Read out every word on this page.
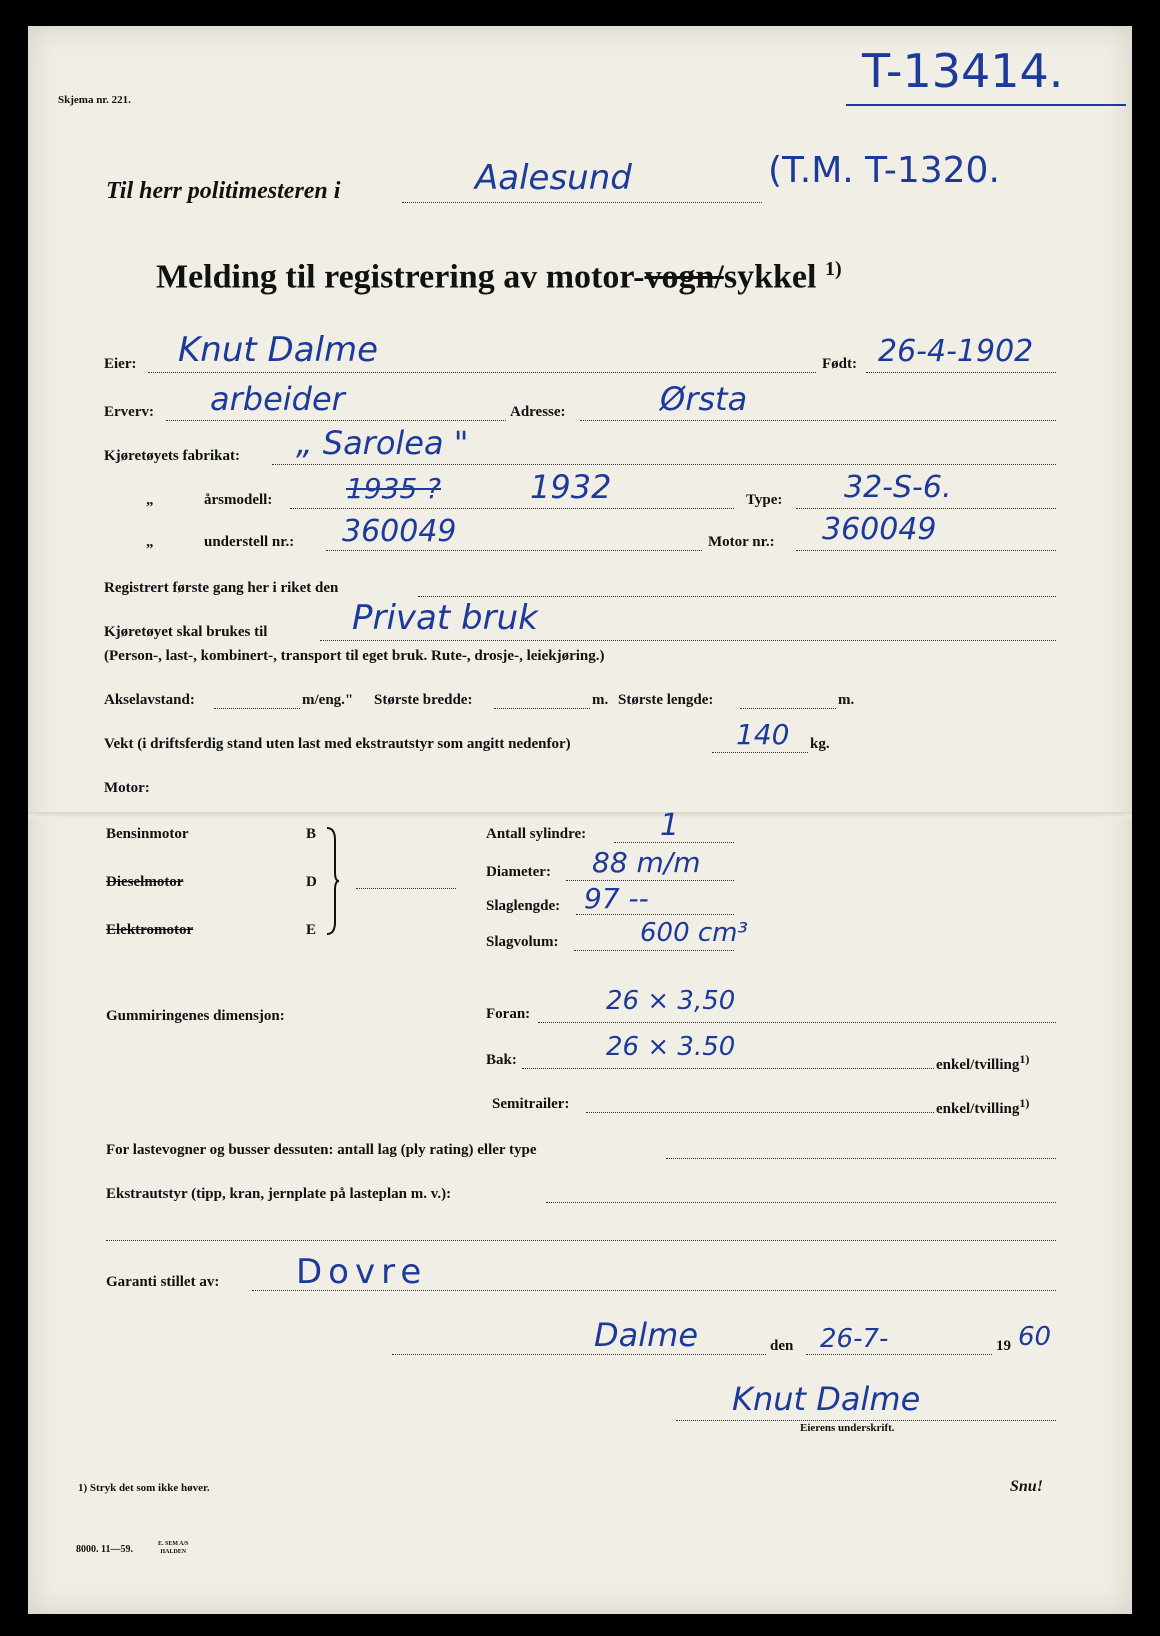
Skjema nr. 221.
T-13414.
Til herr politimesteren i	Aalesund	(T.M. T-1320.
Melding til registrering av motor-vogn/sykkel $^{1)}$
Eier: Knut Dalme	Født: 26-4-1902
Erverv: arbeider	Adresse:	Ørsta
Kjøretøyets fabrikat: „ Sarolea "
„	årsmodell:	1935 ?	1932	Type: 32-S-6.
„	understell nr.: 360049	Motor nr.: 360049
Registrert første gang her i riket den
Kjøretøyet skal brukes til Privat bruk
(Person-, last-, kombinert-, transport til eget bruk. Rute-, drosje-, leiekjøring.)
Akselavstand:	m/eng." Største bredde:	m. Største lengde:	m.
Vekt (i driftsferdig stand uten last med ekstrautstyr som angitt nedenfor)	140 kg.
Motor:
Bensinmotor	B
Dieselmotor	D
Elektromotor	E
Antall sylindre: 1
Diameter: 88 m/m
Slaglengde: 97 --
Slagvolum:	600 cm³
Gummiringenes dimensjon:	Foran:	26 × 3,50
Bak:	26 × 3.50
enkel/tvilling$^{1)}$
Semitrailer:	enkel/tvilling$^{1)}$
For lastevogner og busser dessuten: antall lag (ply rating) eller type
Ekstrautstyr (tipp, kran, jernplate på lasteplan m. v.):
Garanti stillet av: Dovre
Dalme	den 26-7-	19 60
Knut Dalme
Eierens underskrift.
1) Stryk det som ikke høver.	Snu!
8000. 11—59.	E. SEM A/S
HALDEN
